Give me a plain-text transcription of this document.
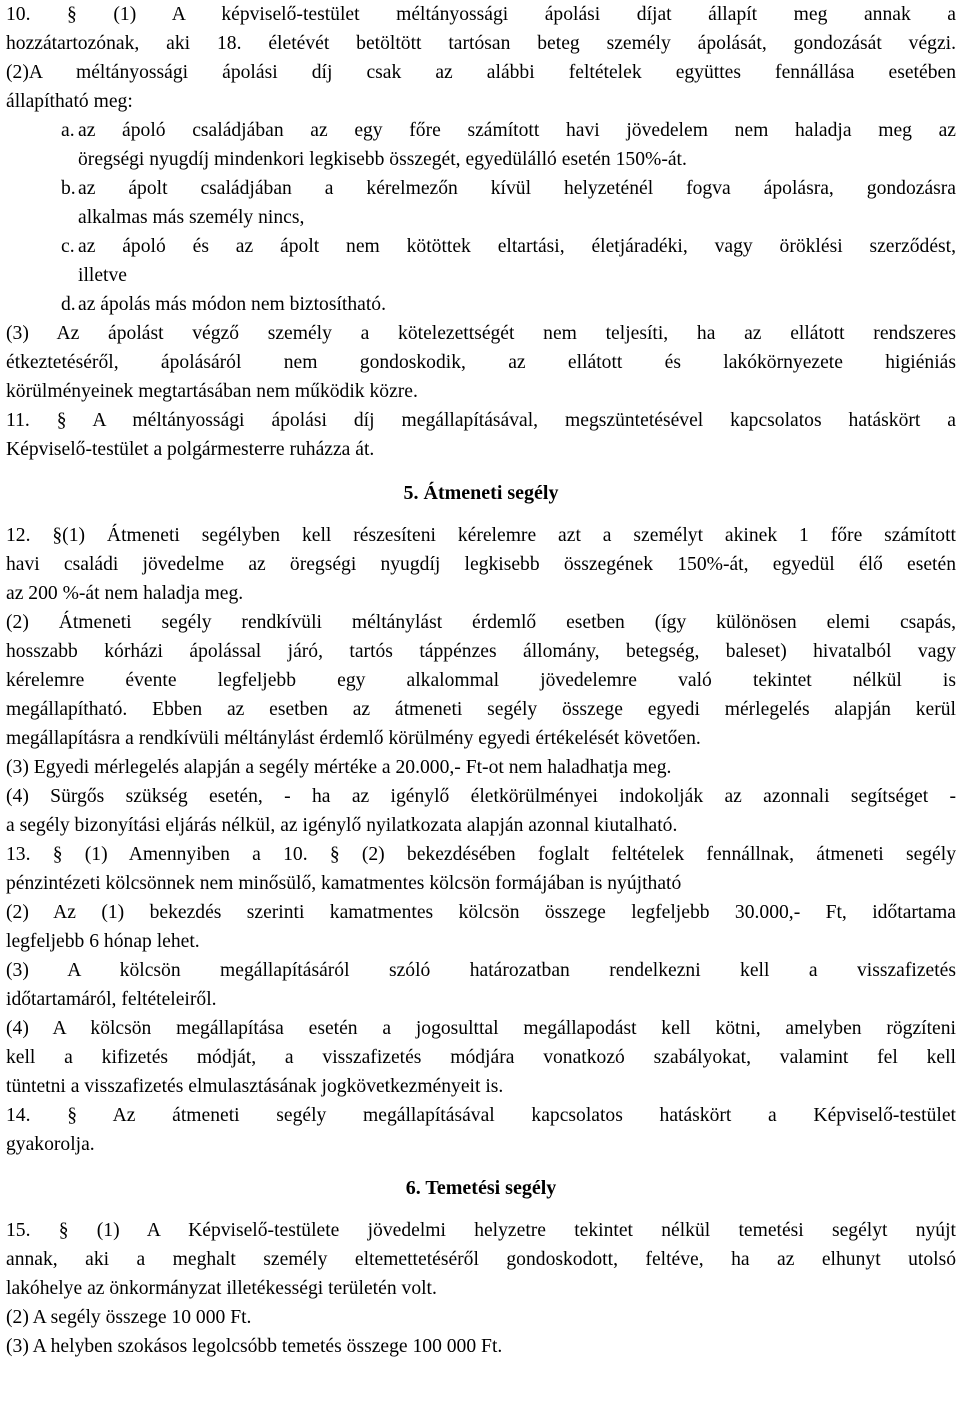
10. § (1) A képviselő-testület méltányossági ápolási díjat állapít meg annak a
hozzátartozónak, aki 18. életévét betöltött tartósan beteg személy ápolását, gondozását végzi.
(2)A méltányossági ápolási díj csak az alábbi feltételek együttes fennállása esetében
állapítható meg:
a. az ápoló családjában az egy főre számított havi jövedelem nem haladja meg az
öregségi nyugdíj mindenkori legkisebb összegét, egyedülálló esetén 150%-át.
b. az ápolt családjában a kérelmezőn kívül helyzeténél fogva ápolásra, gondozásra
alkalmas más személy nincs,
c. az ápoló és az ápolt nem kötöttek eltartási, életjáradéki, vagy öröklési szerződést,
illetve
d. az ápolás más módon nem biztosítható.
(3) Az ápolást végző személy a kötelezettségét nem teljesíti, ha az ellátott rendszeres
étkeztetéséről, ápolásáról nem gondoskodik, az ellátott és lakókörnyezete higiéniás
körülményeinek megtartásában nem működik közre.
11. § A méltányossági ápolási díj megállapításával, megszüntetésével kapcsolatos hatáskört a
Képviselő-testület a polgármesterre ruházza át.
5. Átmeneti segély
12. §(1) Átmeneti segélyben kell részesíteni kérelemre azt a személyt akinek 1 főre számított
havi családi jövedelme az öregségi nyugdíj legkisebb összegének 150%-át, egyedül élő esetén
az 200 %-át nem haladja meg.
(2) Átmeneti segély rendkívüli méltánylást érdemlő esetben (így különösen elemi csapás,
hosszabb kórházi ápolással járó, tartós táppénzes állomány, betegség, baleset) hivatalból vagy
kérelemre évente legfeljebb egy alkalommal jövedelemre való tekintet nélkül is
megállapítható. Ebben az esetben az átmeneti segély összege egyedi mérlegelés alapján kerül
megállapításra a rendkívüli méltánylást érdemlő körülmény egyedi értékelését követően.
(3) Egyedi mérlegelés alapján a segély mértéke a 20.000,- Ft-ot nem haladhatja meg.
(4) Sürgős szükség esetén, - ha az igénylő életkörülményei indokolják az azonnali segítséget -
a segély bizonyítási eljárás nélkül, az igénylő nyilatkozata alapján azonnal kiutalható.
13. § (1) Amennyiben a 10. § (2) bekezdésében foglalt feltételek fennállnak, átmeneti segély
pénzintézeti kölcsönnek nem minősülő, kamatmentes kölcsön formájában is nyújtható
(2) Az (1) bekezdés szerinti kamatmentes kölcsön összege legfeljebb 30.000,- Ft, időtartama
legfeljebb 6 hónap lehet.
(3) A kölcsön megállapításáról szóló határozatban rendelkezni kell a visszafizetés
időtartamáról, feltételeiről.
(4) A kölcsön megállapítása esetén a jogosulttal megállapodást kell kötni, amelyben rögzíteni
kell a kifizetés módját, a visszafizetés módjára vonatkozó szabályokat, valamint fel kell
tüntetni a visszafizetés elmulasztásának jogkövetkezményeit is.
14. § Az átmeneti segély megállapításával kapcsolatos hatáskört a Képviselő-testület
gyakorolja.
6. Temetési segély
15. § (1) A Képviselő-testülete jövedelmi helyzetre tekintet nélkül temetési segélyt nyújt
annak, aki a meghalt személy eltemettetéséről gondoskodott, feltéve, ha az elhunyt utolsó
lakóhelye az önkormányzat illetékességi területén volt.
(2) A segély összege 10 000 Ft.
(3) A helyben szokásos legolcsóbb temetés összege 100 000 Ft.
